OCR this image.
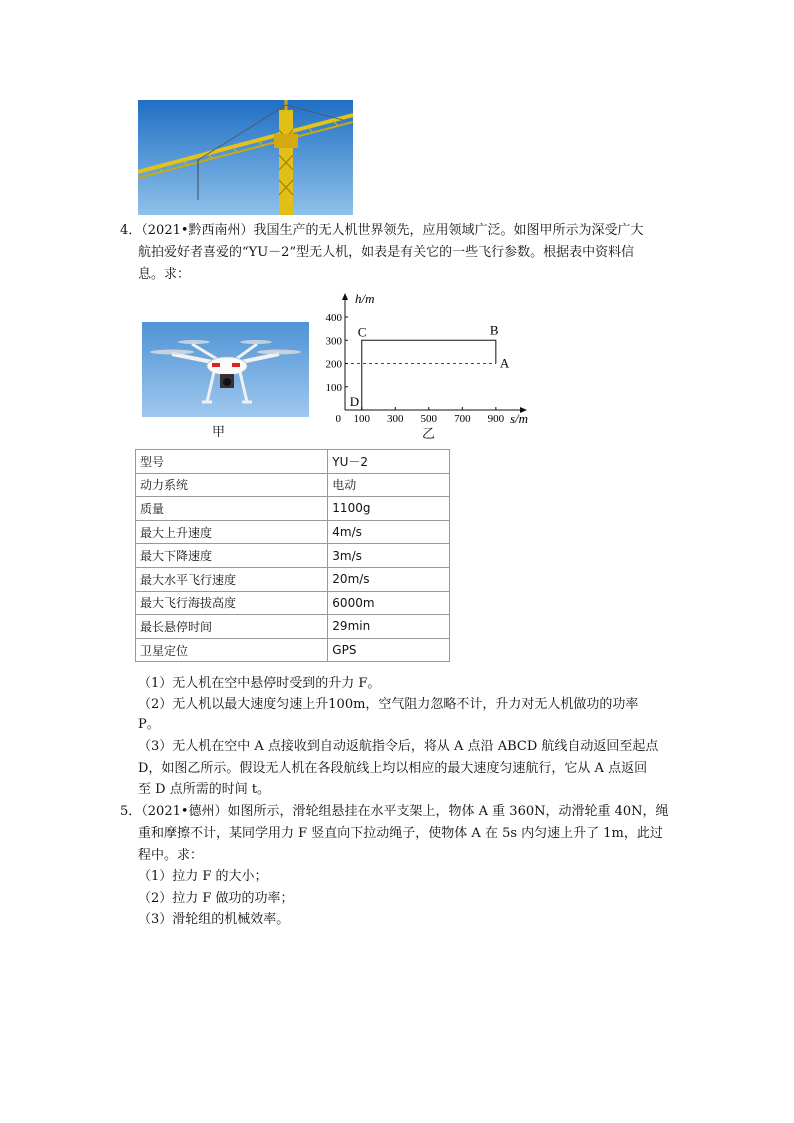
4．（2021•黔西南州）我国生产的无人机世界领先，应用领域广泛。如图甲所示为深受广大
航拍爱好者喜爱的“YU－2”型无人机，如表是有关它的一些飞行参数。根据表中资料信
息。求：
甲
0 100 300 500 700 900
100
200
300
400
h/m
s/m
A
B
C
D
乙
型号	YU－2
动力系统	电动
质量	1100g
最大上升速度	4m/s
最大下降速度	3m/s
最大水平飞行速度	20m/s
最大飞行海拔高度	6000m
最长悬停时间	29min
卫星定位	GPS
（1）无人机在空中悬停时受到的升力 F。
（2）无人机以最大速度匀速上升100m，空气阻力忽略不计，升力对无人机做功的功率
P。
（3）无人机在空中 A 点接收到自动返航指令后，将从 A 点沿 ABCD 航线自动返回至起点
D，如图乙所示。假设无人机在各段航线上均以相应的最大速度匀速航行，它从 A 点返回
至 D 点所需的时间 t。
5．（2021•德州）如图所示，滑轮组悬挂在水平支架上，物体 A 重 360N，动滑轮重 40N，绳
重和摩擦不计，某同学用力 F 竖直向下拉动绳子，使物体 A 在 5s 内匀速上升了 1m，此过
程中。求：
（1）拉力 F 的大小；
（2）拉力 F 做功的功率；
（3）滑轮组的机械效率。
